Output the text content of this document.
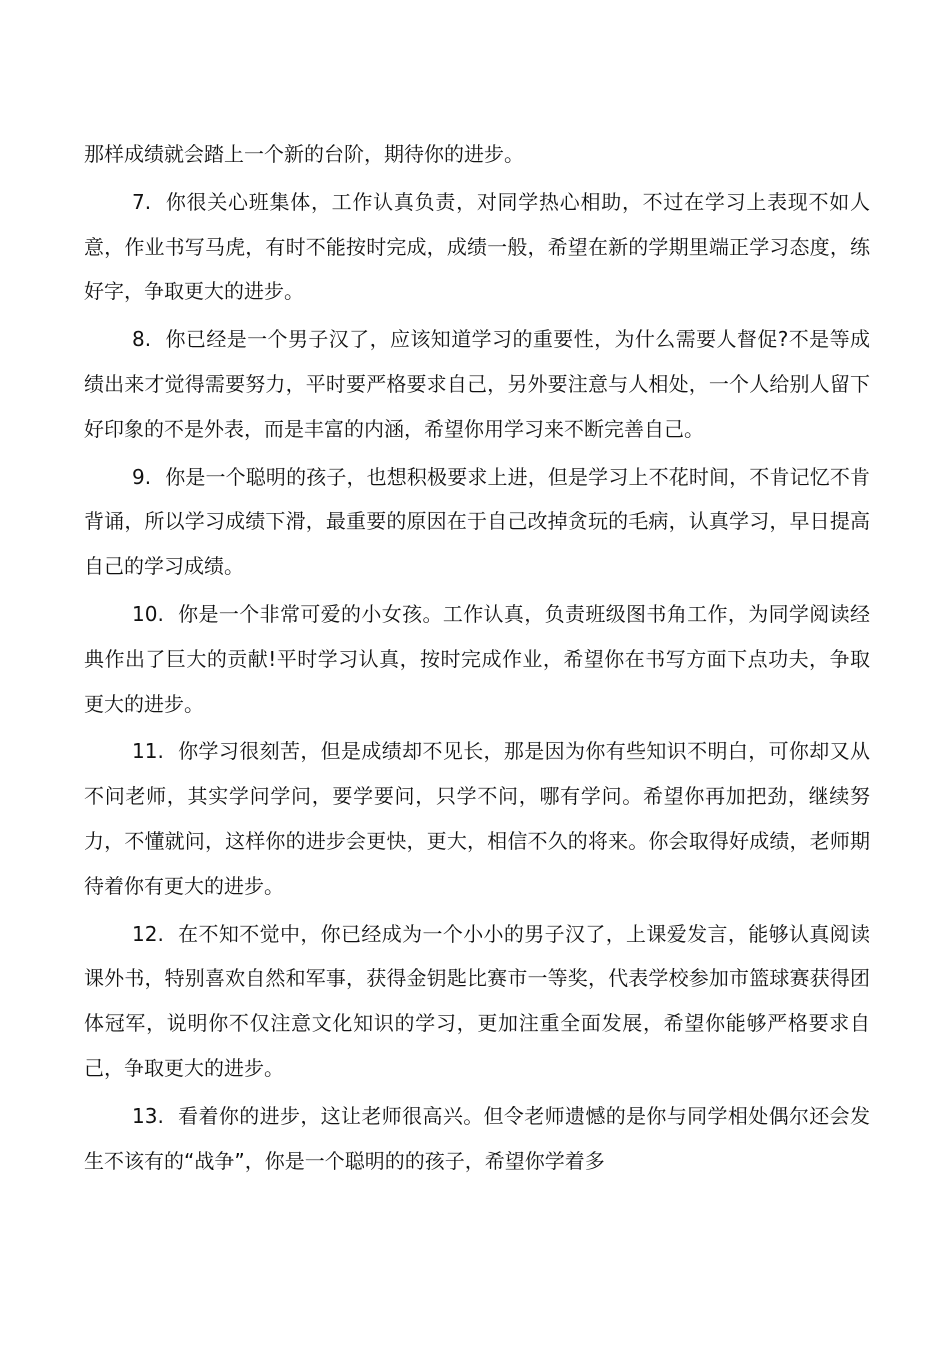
那样成绩就会踏上一个新的台阶，期待你的进步。

7. 你很关心班集体，工作认真负责，对同学热心相助，不过在学习上表现不如人意，作业书写马虎，有时不能按时完成，成绩一般，希望在新的学期里端正学习态度，练好字，争取更大的进步。

8. 你已经是一个男子汉了，应该知道学习的重要性，为什么需要人督促?不是等成绩出来才觉得需要努力，平时要严格要求自己，另外要注意与人相处，一个人给别人留下好印象的不是外表，而是丰富的内涵，希望你用学习来不断完善自己。

9. 你是一个聪明的孩子，也想积极要求上进，但是学习上不花时间，不肯记忆不肯背诵，所以学习成绩下滑，最重要的原因在于自己改掉贪玩的毛病，认真学习，早日提高自己的学习成绩。

10. 你是一个非常可爱的小女孩。工作认真，负责班级图书角工作，为同学阅读经典作出了巨大的贡献!平时学习认真，按时完成作业，希望你在书写方面下点功夫，争取更大的进步。

11. 你学习很刻苦，但是成绩却不见长，那是因为你有些知识不明白，可你却又从不问老师，其实学问学问，要学要问，只学不问，哪有学问。希望你再加把劲，继续努力，不懂就问，这样你的进步会更快，更大，相信不久的将来。你会取得好成绩，老师期待着你有更大的进步。

12. 在不知不觉中，你已经成为一个小小的男子汉了，上课爱发言，能够认真阅读课外书，特别喜欢自然和军事，获得金钥匙比赛市一等奖，代表学校参加市篮球赛获得团体冠军，说明你不仅注意文化知识的学习，更加注重全面发展，希望你能够严格要求自己，争取更大的进步。

13. 看着你的进步，这让老师很高兴。但令老师遗憾的是你与同学相处偶尔还会发生不该有的“战争”，你是一个聪明的的孩子，希望你学着多
